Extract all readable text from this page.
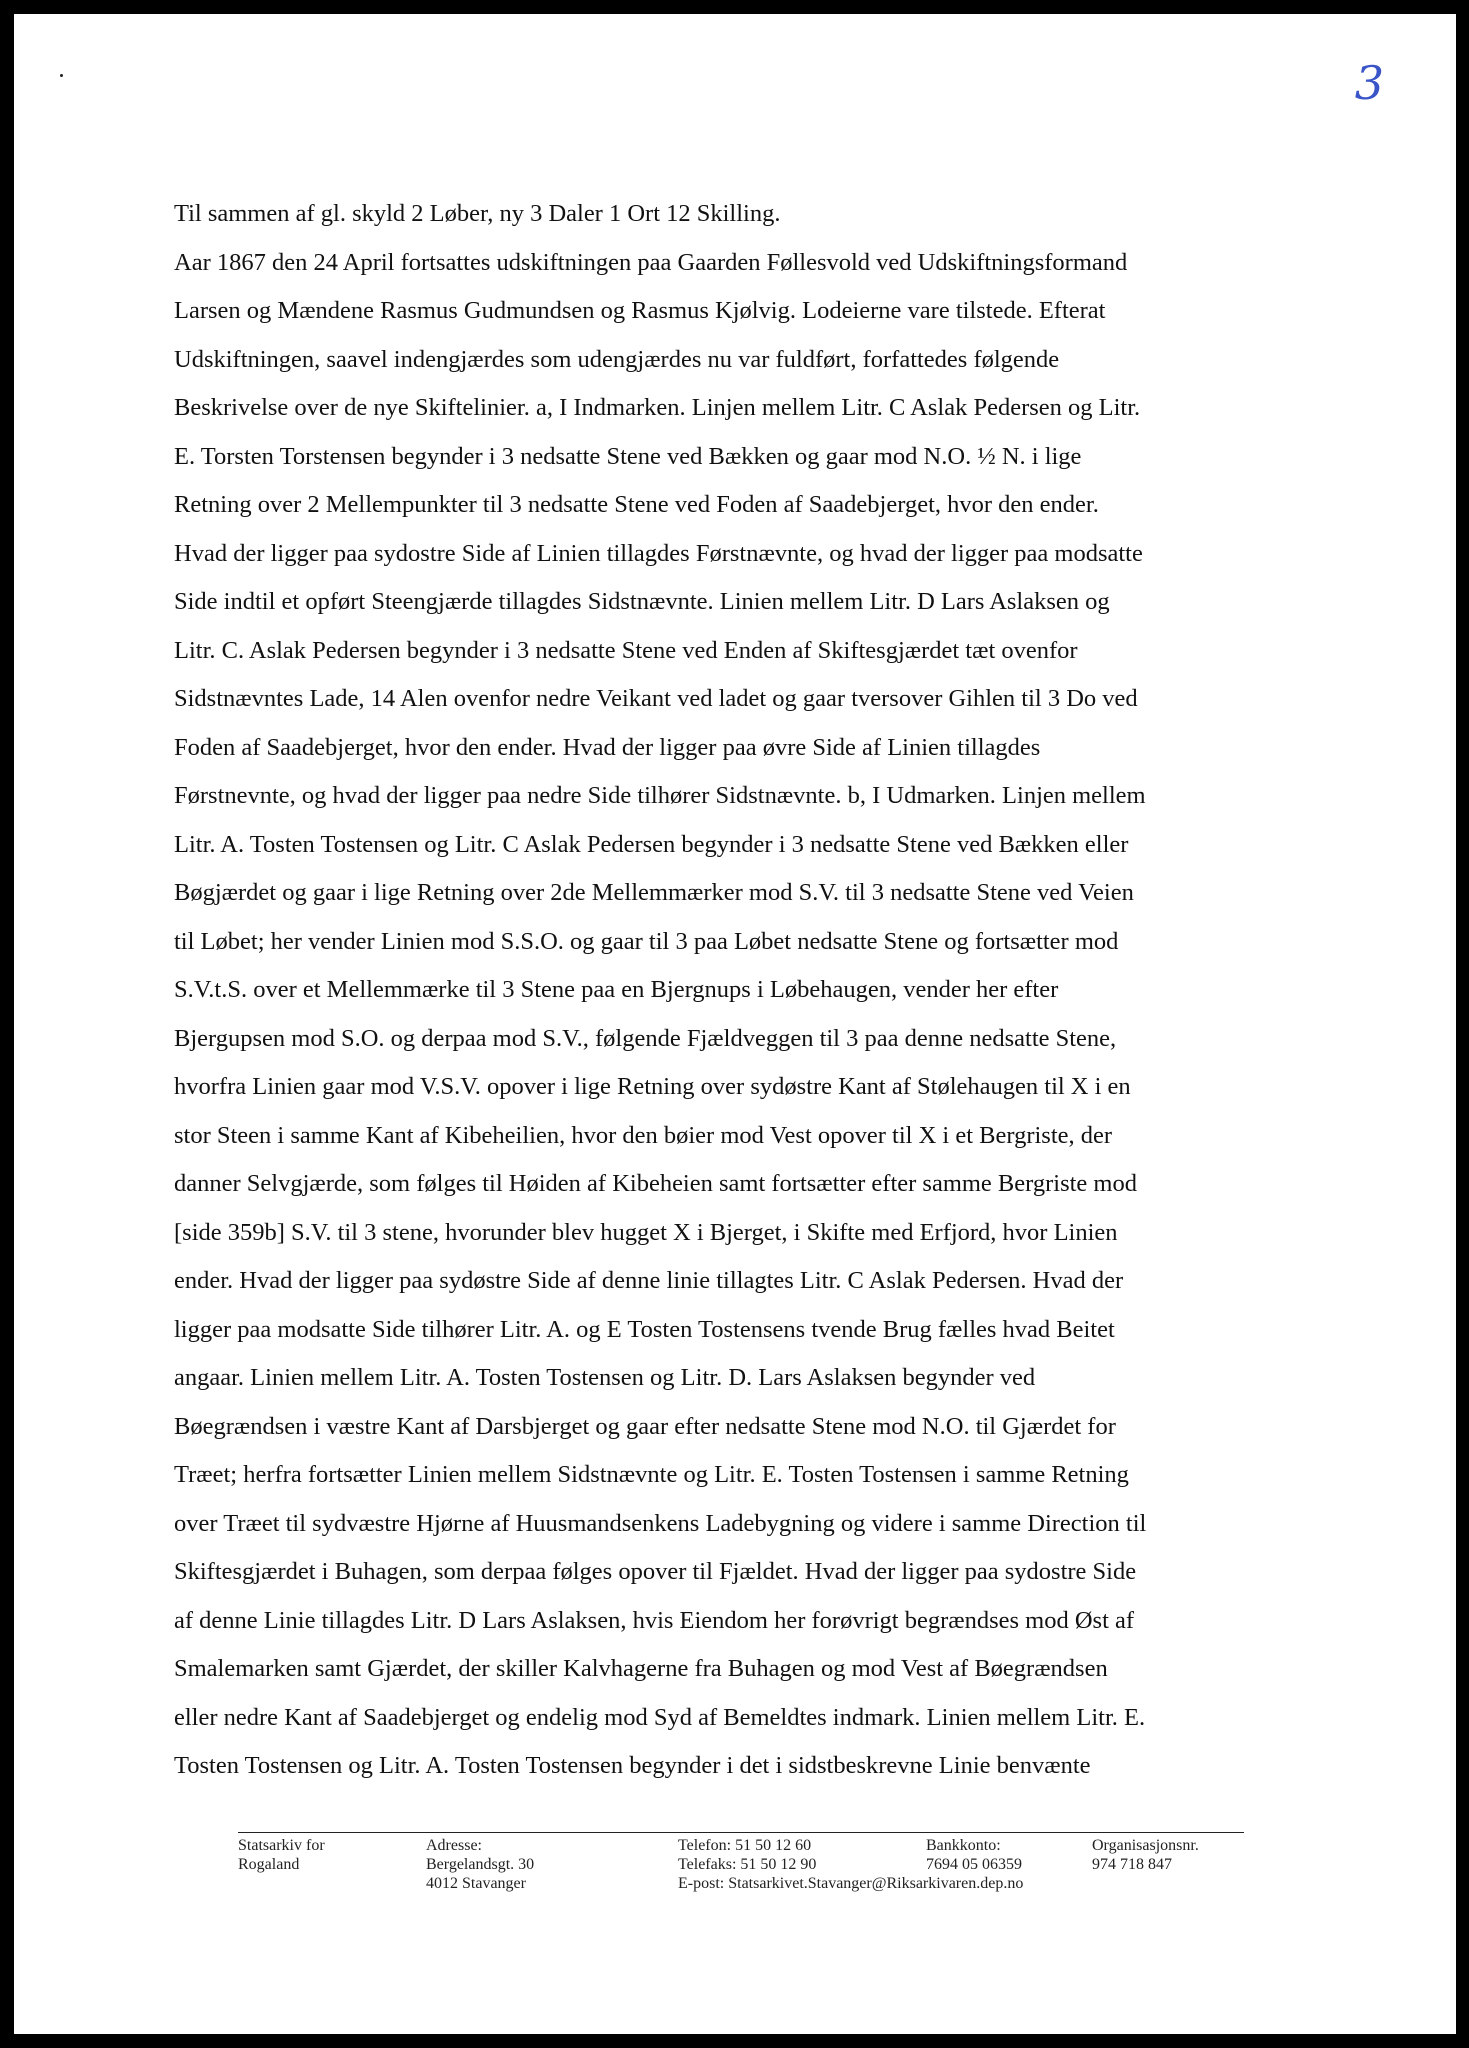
3
Til sammen af gl. skyld 2 Løber, ny 3 Daler 1 Ort 12 Skilling.
Aar 1867 den 24 April fortsattes udskiftningen paa Gaarden Føllesvold ved Udskiftningsformand
Larsen og Mændene Rasmus Gudmundsen og Rasmus Kjølvig. Lodeierne vare tilstede. Efterat
Udskiftningen, saavel indengjærdes som udengjærdes nu var fuldført, forfattedes følgende
Beskrivelse over de nye Skiftelinier. a, I Indmarken. Linjen mellem Litr. C Aslak Pedersen og Litr.
E. Torsten Torstensen begynder i 3 nedsatte Stene ved Bækken og gaar mod N.O. ½ N. i lige
Retning over 2 Mellempunkter til 3 nedsatte Stene ved Foden af Saadebjerget, hvor den ender.
Hvad der ligger paa sydostre Side af Linien tillagdes Førstnævnte, og hvad der ligger paa modsatte
Side indtil et opført Steengjærde tillagdes Sidstnævnte. Linien mellem Litr. D Lars Aslaksen og
Litr. C. Aslak Pedersen begynder i 3 nedsatte Stene ved Enden af Skiftesgjærdet tæt ovenfor
Sidstnævntes Lade, 14 Alen ovenfor nedre Veikant ved ladet og gaar tversover Gihlen til 3 Do ved
Foden af Saadebjerget, hvor den ender. Hvad der ligger paa øvre Side af Linien tillagdes
Førstnevnte, og hvad der ligger paa nedre Side tilhører Sidstnævnte. b, I Udmarken. Linjen mellem
Litr. A. Tosten Tostensen og Litr. C Aslak Pedersen begynder i 3 nedsatte Stene ved Bækken eller
Bøgjærdet og gaar i lige Retning over 2de Mellemmærker mod S.V. til 3 nedsatte Stene ved Veien
til Løbet; her vender Linien mod S.S.O. og gaar til 3 paa Løbet nedsatte Stene og fortsætter mod
S.V.t.S. over et Mellemmærke til 3 Stene paa en Bjergnups i Løbehaugen, vender her efter
Bjergupsen mod S.O. og derpaa mod S.V., følgende Fjældveggen til 3 paa denne nedsatte Stene,
hvorfra Linien gaar mod V.S.V. opover i lige Retning over sydøstre Kant af Stølehaugen til X i en
stor Steen i samme Kant af Kibeheilien, hvor den bøier mod Vest opover til X i et Bergriste, der
danner Selvgjærde, som følges til Høiden af Kibeheien samt fortsætter efter samme Bergriste mod
[side 359b] S.V. til 3 stene, hvorunder blev hugget X i Bjerget, i Skifte med Erfjord, hvor Linien
ender. Hvad der ligger paa sydøstre Side af denne linie tillagtes Litr. C Aslak Pedersen. Hvad der
ligger paa modsatte Side tilhører Litr. A. og E Tosten Tostensens tvende Brug fælles hvad Beitet
angaar. Linien mellem Litr. A. Tosten Tostensen og Litr. D. Lars Aslaksen begynder ved
Bøegrændsen i væstre Kant af Darsbjerget og gaar efter nedsatte Stene mod N.O. til Gjærdet for
Træet; herfra fortsætter Linien mellem Sidstnævnte og Litr. E. Tosten Tostensen i samme Retning
over Træet til sydvæstre Hjørne af Huusmandsenkens Ladebygning og videre i samme Direction til
Skiftesgjærdet i Buhagen, som derpaa følges opover til Fjældet. Hvad der ligger paa sydostre Side
af denne Linie tillagdes Litr. D Lars Aslaksen, hvis Eiendom her forøvrigt begrændses mod Øst af
Smalemarken samt Gjærdet, der skiller Kalvhagerne fra Buhagen og mod Vest af Bøegrændsen
eller nedre Kant af Saadebjerget og endelig mod Syd af Bemeldtes indmark. Linien mellem Litr. E.
Tosten Tostensen og Litr. A. Tosten Tostensen begynder i det i sidstbeskrevne Linie benvænte
Statsarkiv for
Rogaland
Adresse:
Bergelandsgt. 30
4012 Stavanger
Telefon: 51 50 12 60
Telefaks: 51 50 12 90
E-post: Statsarkivet.Stavanger@Riksarkivaren.dep.no
Bankkonto:
7694 05 06359
Organisasjonsnr.
974 718 847
